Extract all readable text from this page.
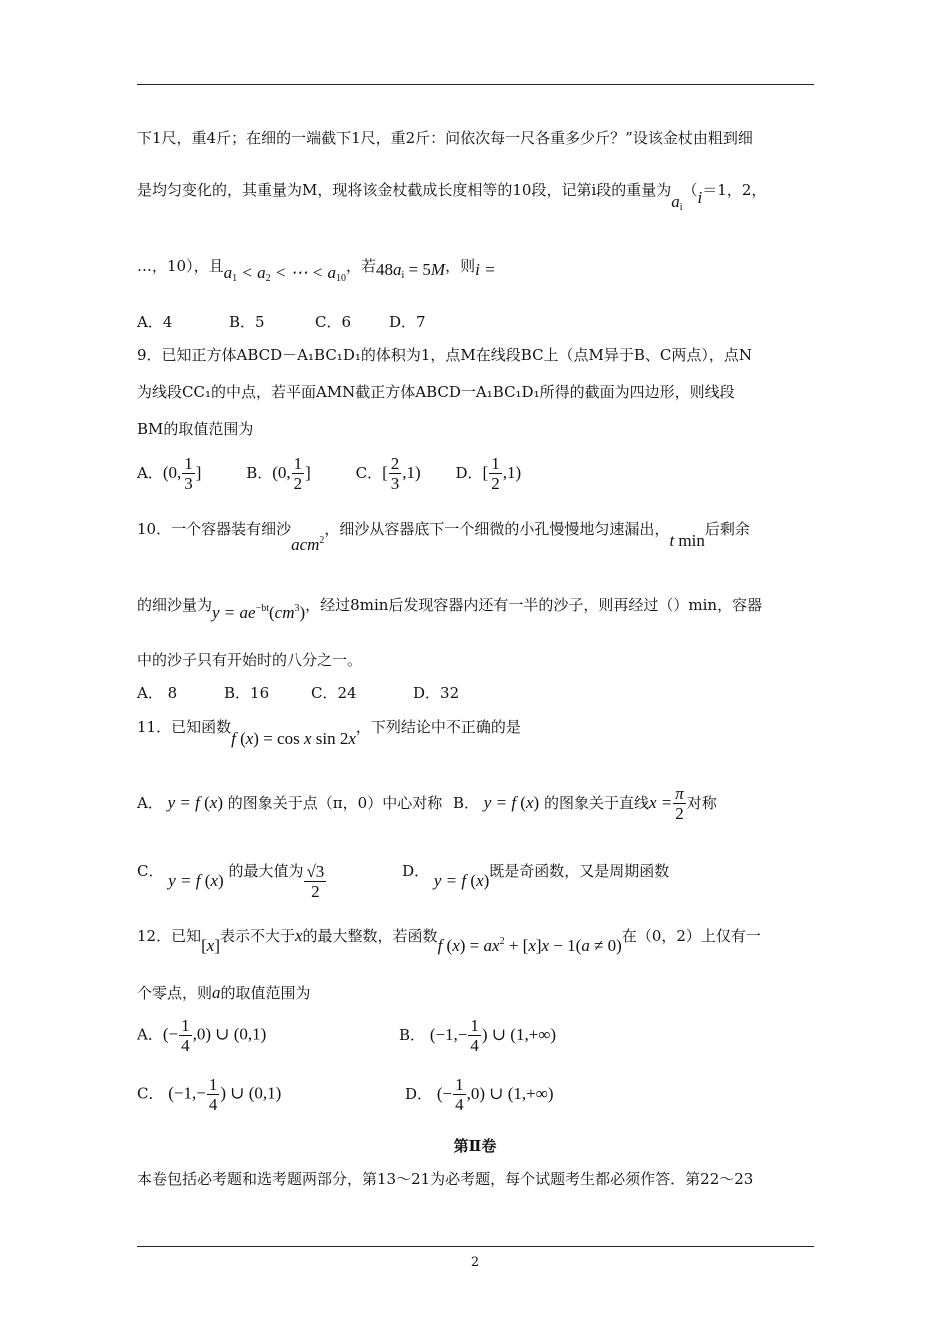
下1尺，重4斤；在细的一端截下1尺，重2斤：问依次每一尺各重多少斤？”设该金杖由粗到细
是均匀变化的，其重量为M，现将该金杖截成长度相等的10段，记第i段的重量为$a_i(i=1$，2，
…，10），且$a_1 < a_2$ < ⋯ < $a_{10}$，若$48a_i = 5M$，则i =
A．4	B．5	C．6	D．7
9．已知正方体ABCD－A₁BC₁D₁的体积为1，点M在线段BC上（点M异于B、C两点），点N
为线段CC₁的中点，若平面AMN截正方体ABCD一A₁BC₁D₁所得的截面为四边形，则线段
BM的取值范围为
A．(0, $\frac{1}{3}$ ]	B．(0, $\frac{1}{2}$ ]	C．[ $\frac{2}{3} ,1$) D．[ $\frac{1}{2} ,1$)
10．一个容器装有细沙acm$^2$，细沙从容器底下一个细微的小孔慢慢地匀速漏出，t min后剩余
的细沙量为$y = ae^{-bt}(cm^3)$，经过8min后发现容器内还有一半的沙子，则再经过（）min，容器
中的沙子只有开始时的八分之一。
A． 8	B．16	C．24	D．32
11．已知函数f (x) = cos x sin 2x，下列结论中不正确的是
A． y = f (x) 的图象关于点（π，0）中心对称 B． y = f (x) 的图象关于直线$x = \frac{\pi}{2}$ 对称
C． y = f (x) 的最大值为 $\frac{√3}{2}$	D． y = f (x)既是奇函数，又是周期函数
12．已知[x]表示不大于x的最大整数，若函数f $(x) = ax^2 + [x]x - 1(a \ne 0)$在（0，2）上仅有一
个零点，则a的取值范围为
A．(− $\frac{1}{4} ,0$) ∪ (0,1)	B． ($-1,- \frac{1}{4}$ ) ∪ (1,+∞)
C． ($-1,- \frac{1}{4}$ ) ∪ (0,1)	D． (− $\frac{1}{4} ,0$) ∪ (1,+∞)
第Ⅱ卷
本卷包括必考题和选考题两部分，第13～21为必考题，每个试题考生都必须作答．第22～23
2
